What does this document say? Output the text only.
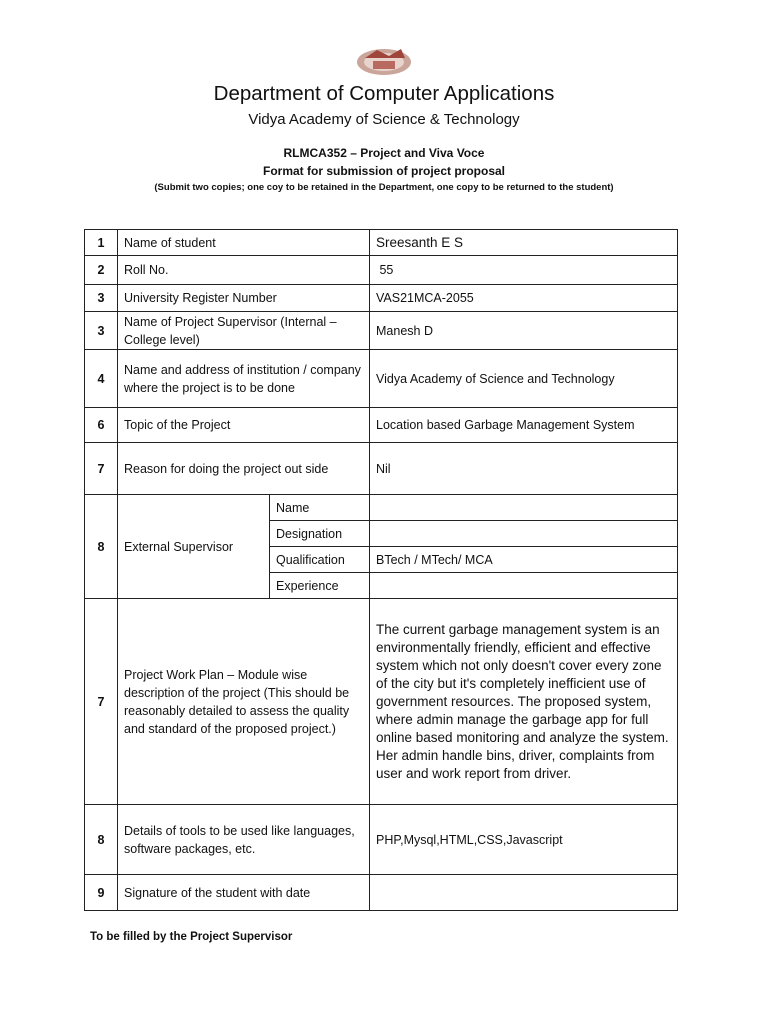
Department of Computer Applications
Vidya Academy of Science & Technology
RLMCA352 – Project and Viva Voce
Format for submission of project proposal
(Submit two copies; one coy to be retained in the Department, one copy to be returned to the student)
1	Name of student		Sreesanth E S
2	Roll No.		55
3	University Register Number		VAS21MCA-2055
3	Name of Project Supervisor (Internal – College level)		Manesh D
4	Name and address of institution / company where the project is to be done		Vidya Academy of Science and Technology
6	Topic of the Project		Location based Garbage Management System
7	Reason for doing the project out side		Nil
8	External Supervisor	Name	
		Designation	
		Qualification	BTech / MTech/ MCA
		Experience	
7	Project Work Plan – Module wise description of the project (This should be reasonably detailed to assess the quality and standard of the proposed project.)		The current garbage management system is an environmentally friendly, efficient and effective system which not only doesn't cover every zone of the city but it's completely inefficient use of government resources. The proposed system, where admin manage the garbage app for full online based monitoring and analyze the system. Her admin handle bins, driver, complaints from user and work report from driver.
8	Details of tools to be used like languages, software packages, etc.		PHP,Mysql,HTML,CSS,Javascript
9	Signature of the student with date		
To be filled by the Project Supervisor
